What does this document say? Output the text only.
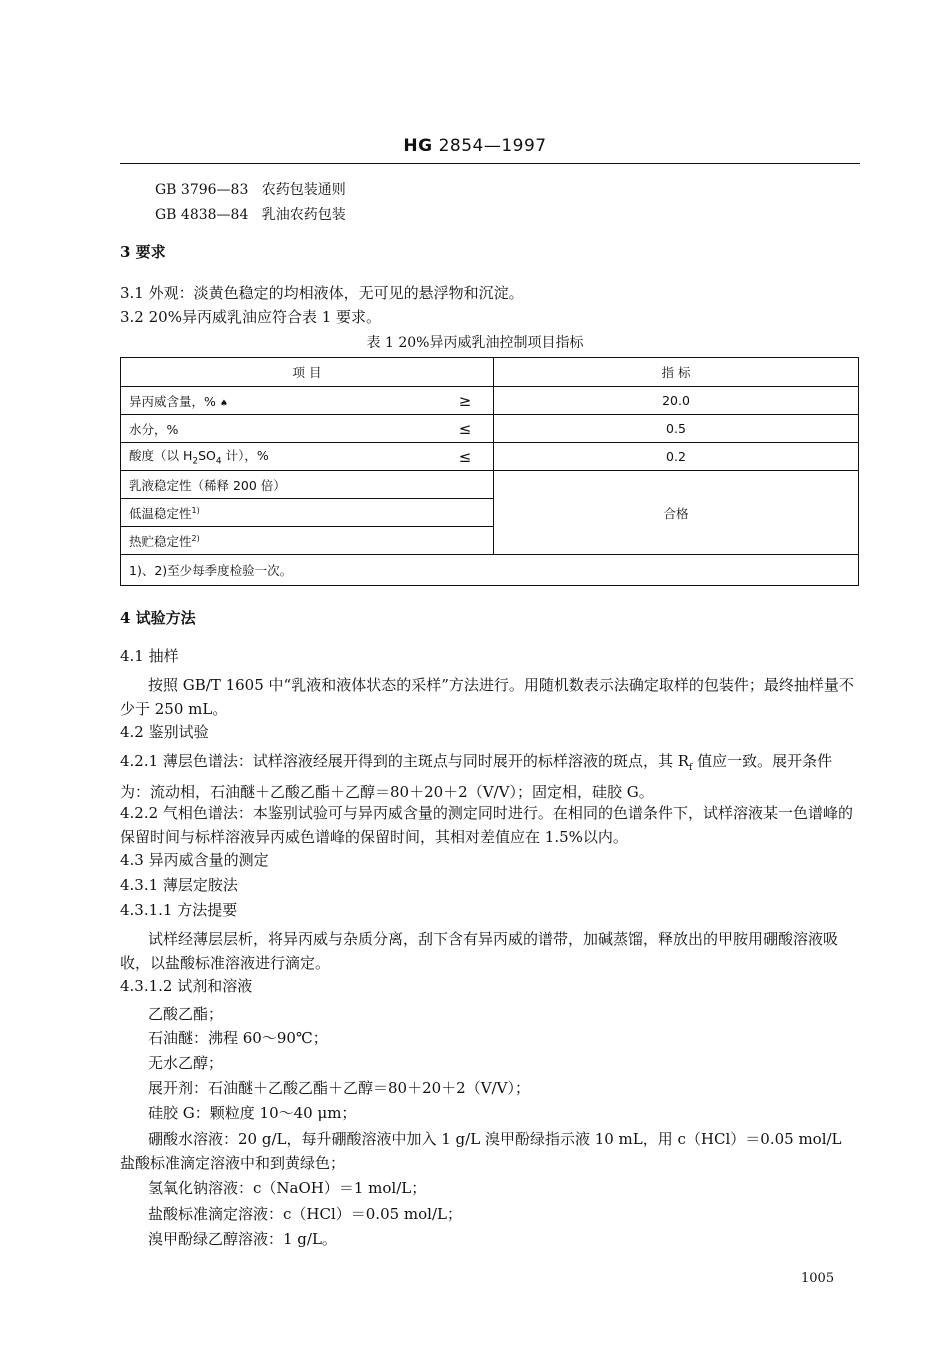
HG 2854—1997
GB 3796—83 农药包装通则
GB 4838—84 乳油农药包装
3 要求
3.1 外观：淡黄色稳定的均相液体，无可见的悬浮物和沉淀。
3.2 20%异丙威乳油应符合表 1 要求。
表 1 20%异丙威乳油控制项目指标
项 目		指 标
异丙威含量，% ♠	≥	20.0
水分，%	≤	0.5
酸度（以 $H_2SO_4$ 计），%	≤	0.2
乳液稳定性（稀释 200 倍）		合格
低温稳定性$^{1)}$
热贮稳定性$^{2)}$
1)、2)至少每季度检验一次。		
4 试验方法
4.1 抽样
按照 GB/T 1605 中“乳液和液体状态的采样”方法进行。用随机数表示法确定取样的包装件；最终抽样量不少于 250 mL。
4.2 鉴别试验
4.2.1 薄层色谱法：试样溶液经展开得到的主斑点与同时展开的标样溶液的斑点，其 $R_f$ 值应一致。展开条件为：流动相，石油醚＋乙酸乙酯＋乙醇＝80＋20＋2（V/V）；固定相，硅胶 G。
4.2.2 气相色谱法：本鉴别试验可与异丙威含量的测定同时进行。在相同的色谱条件下，试样溶液某一色谱峰的保留时间与标样溶液异丙威色谱峰的保留时间，其相对差值应在 1.5%以内。
4.3 异丙威含量的测定
4.3.1 薄层定胺法
4.3.1.1 方法提要
试样经薄层层析，将异丙威与杂质分离，刮下含有异丙威的谱带，加碱蒸馏，释放出的甲胺用硼酸溶液吸收，以盐酸标准溶液进行滴定。
4.3.1.2 试剂和溶液
乙酸乙酯；
石油醚：沸程 60～90℃；
无水乙醇；
展开剂：石油醚＋乙酸乙酯＋乙醇＝80＋20＋2（V/V）；
硅胶 G：颗粒度 10～40 μm；
硼酸水溶液：20 g/L，每升硼酸溶液中加入 1 g/L 溴甲酚绿指示液 10 mL，用 c（HCl）＝0.05 mol/L 盐酸标准滴定溶液中和到黄绿色；
氢氧化钠溶液：c（NaOH）＝1 mol/L；
盐酸标准滴定溶液：c（HCl）＝0.05 mol/L；
溴甲酚绿乙醇溶液：1 g/L。
1005
